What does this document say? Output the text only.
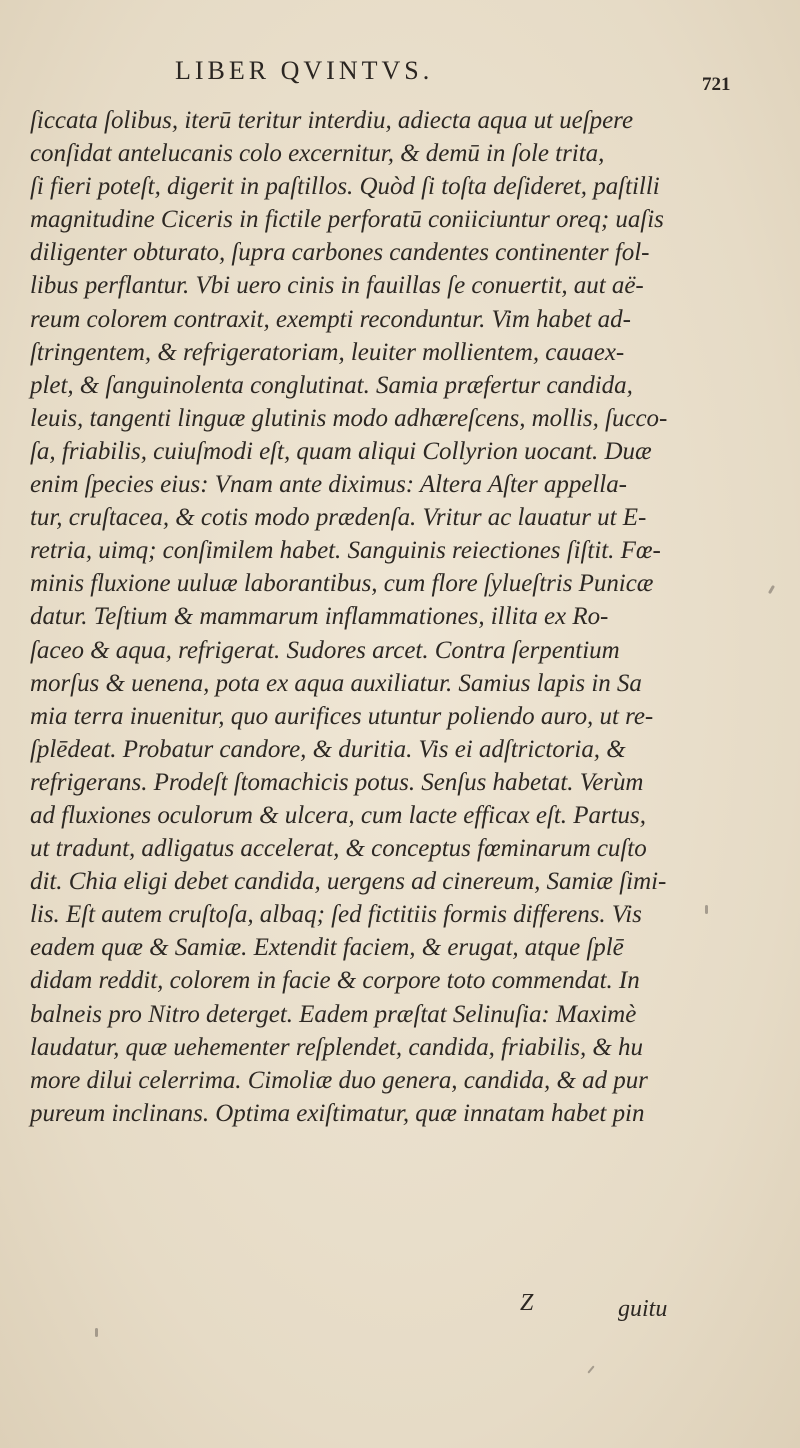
LIBER QVINTVS.	721
ſiccata ſolibus, iterū teritur interdiu, adiecta aqua ut ueſpere
conſidat antelucanis colo excernitur, & demū in ſole trita,
ſi fieri poteſt, digerit in paſtillos. Quòd ſi toſta deſideret, paſtilli
magnitudine Ciceris in fictile perforatū coniiciuntur oreq; uaſis
diligenter obturato, ſupra carbones candentes continenter fol-
libus perflantur. Vbi uero cinis in fauillas ſe conuertit, aut aë-
reum colorem contraxit, exempti reconduntur. Vim habet ad-
ſtringentem, & refrigeratoriam, leuiter mollientem, cauaex-
plet, & ſanguinolenta conglutinat. Samia præfertur candida,
leuis, tangenti linguæ glutinis modo adhæreſcens, mollis, ſucco-
ſa, friabilis, cuiuſmodi eſt, quam aliqui Collyrion uocant. Duæ
enim ſpecies eius: Vnam ante diximus: Altera Aſter appella-
tur, cruſtacea, & cotis modo prædenſa. Vritur ac lauatur ut E-
retria, uimq; conſimilem habet. Sanguinis reiectiones ſiſtit. Fœ-
minis fluxione uuluæ laborantibus, cum flore ſylueſtris Punicæ
datur. Teſtium & mammarum inflammationes, illita ex Ro-
ſaceo & aqua, refrigerat. Sudores arcet. Contra ſerpentium
morſus & uenena, pota ex aqua auxiliatur. Samius lapis in Sa
mia terra inuenitur, quo aurifices utuntur poliendo auro, ut re-
ſplēdeat. Probatur candore, & duritia. Vis ei adſtrictoria, &
refrigerans. Prodeſt ſtomachicis potus. Senſus habetat. Verùm
ad fluxiones oculorum & ulcera, cum lacte efficax eſt. Partus,
ut tradunt, adligatus accelerat, & conceptus fœminarum cuſto
dit. Chia eligi debet candida, uergens ad cinereum, Samiæ ſimi-
lis. Eſt autem cruſtoſa, albaq; ſed fictitiis formis differens. Vis
eadem quæ & Samiæ. Extendit faciem, & erugat, atque ſplē
didam reddit, colorem in facie & corpore toto commendat. In
balneis pro Nitro deterget. Eadem præſtat Selinuſia: Maximè
laudatur, quæ uehementer reſplendet, candida, friabilis, & hu
more dilui celerrima. Cimoliæ duo genera, candida, & ad pur
pureum inclinans. Optima exiſtimatur, quæ innatam habet pin
Z	guitu
